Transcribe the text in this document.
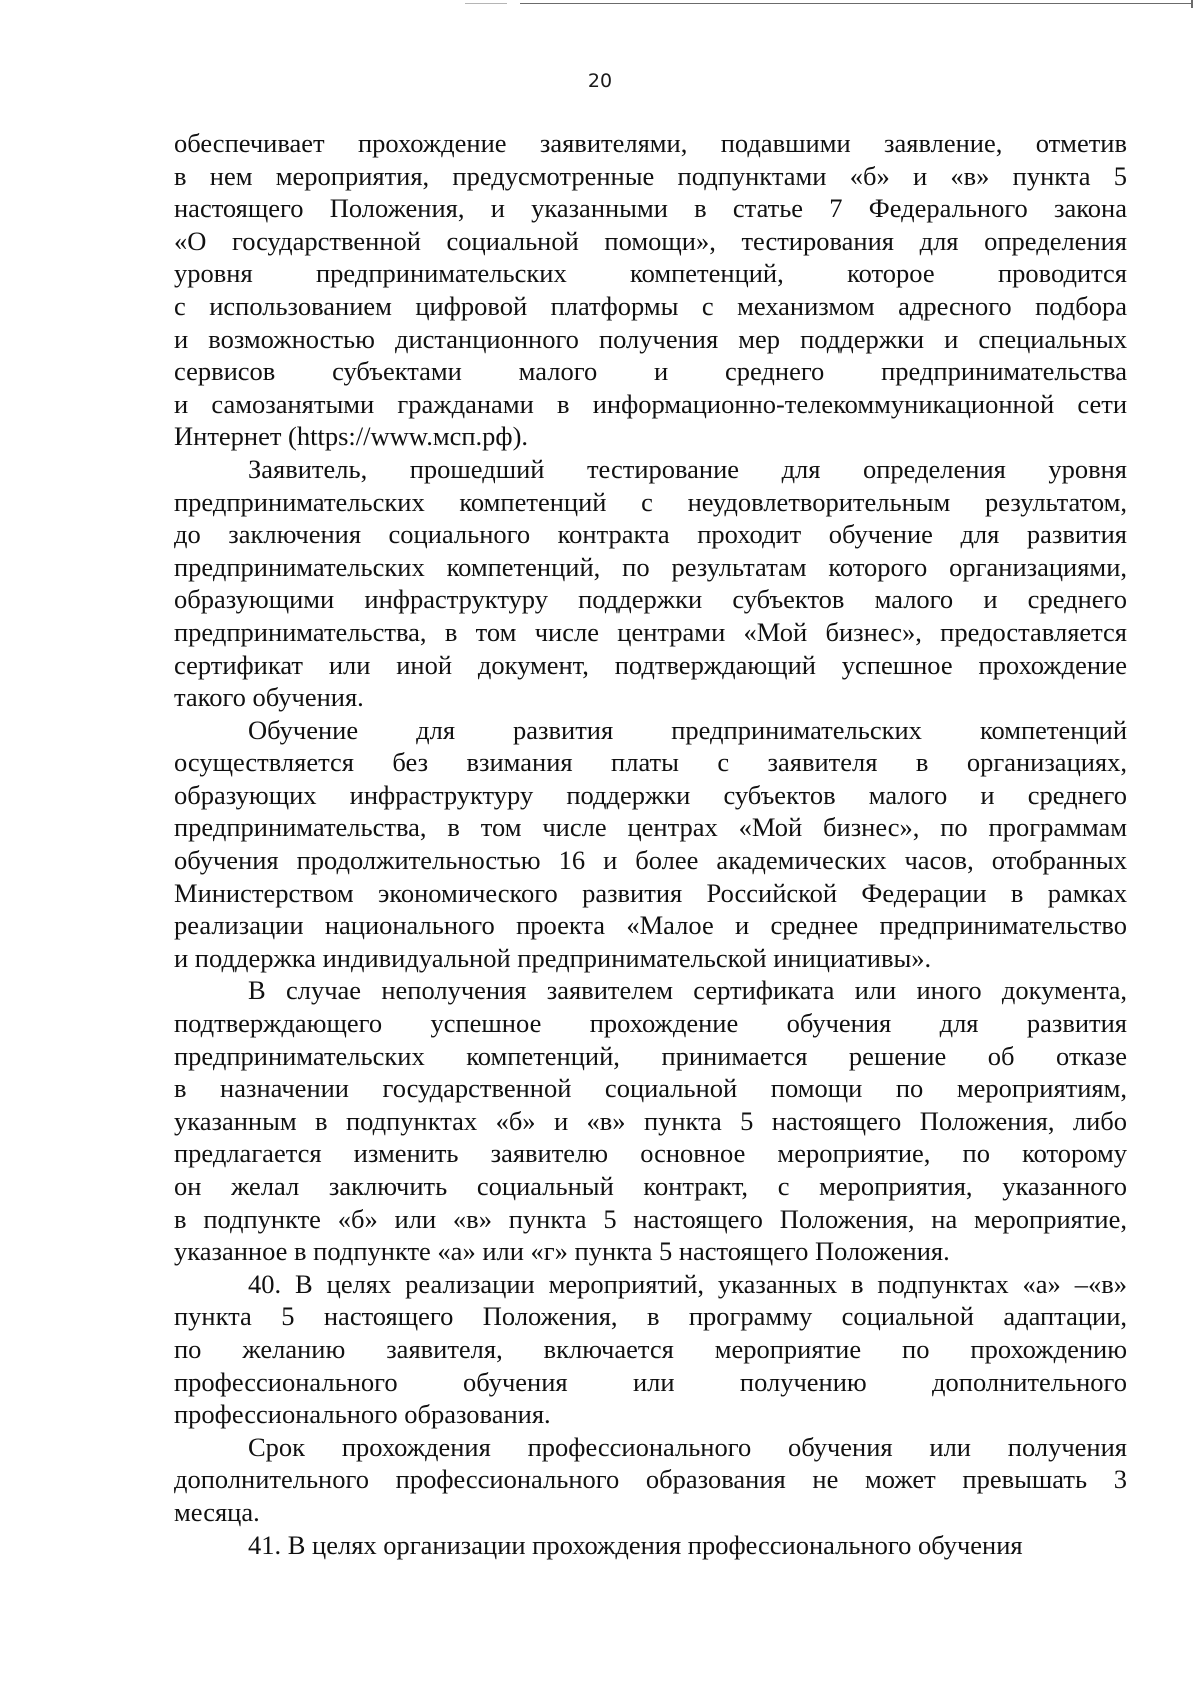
20
обеспечивает прохождение заявителями, подавшими заявление, отметив
в нем мероприятия, предусмотренные подпунктами «б» и «в» пункта 5
настоящего Положения, и указанными в статье 7 Федерального закона
«О государственной социальной помощи», тестирования для определения
уровня предпринимательских компетенций, которое проводится
с использованием цифровой платформы с механизмом адресного подбора
и возможностью дистанционного получения мер поддержки и специальных
сервисов субъектами малого и среднего предпринимательства
и самозанятыми гражданами в информационно-телекоммуникационной сети
Интернет (https://www.мсп.рф).
Заявитель, прошедший тестирование для определения уровня
предпринимательских компетенций с неудовлетворительным результатом,
до заключения социального контракта проходит обучение для развития
предпринимательских компетенций, по результатам которого организациями,
образующими инфраструктуру поддержки субъектов малого и среднего
предпринимательства, в том числе центрами «Мой бизнес», предоставляется
сертификат или иной документ, подтверждающий успешное прохождение
такого обучения.
Обучение для развития предпринимательских компетенций
осуществляется без взимания платы с заявителя в организациях,
образующих инфраструктуру поддержки субъектов малого и среднего
предпринимательства, в том числе центрах «Мой бизнес», по программам
обучения продолжительностью 16 и более академических часов, отобранных
Министерством экономического развития Российской Федерации в рамках
реализации национального проекта «Малое и среднее предпринимательство
и поддержка индивидуальной предпринимательской инициативы».
В случае неполучения заявителем сертификата или иного документа,
подтверждающего успешное прохождение обучения для развития
предпринимательских компетенций, принимается решение об отказе
в назначении государственной социальной помощи по мероприятиям,
указанным в подпунктах «б» и «в» пункта 5 настоящего Положения, либо
предлагается изменить заявителю основное мероприятие, по которому
он желал заключить социальный контракт, с мероприятия, указанного
в подпункте «б» или «в» пункта 5 настоящего Положения, на мероприятие,
указанное в подпункте «а» или «г» пункта 5 настоящего Положения.
40. В целях реализации мероприятий, указанных в подпунктах «а» –«в»
пункта 5 настоящего Положения, в программу социальной адаптации,
по желанию заявителя, включается мероприятие по прохождению
профессионального обучения или получению дополнительного
профессионального образования.
Срок прохождения профессионального обучения или получения
дополнительного профессионального образования не может превышать 3
месяца.
41. В целях организации прохождения профессионального обучения
